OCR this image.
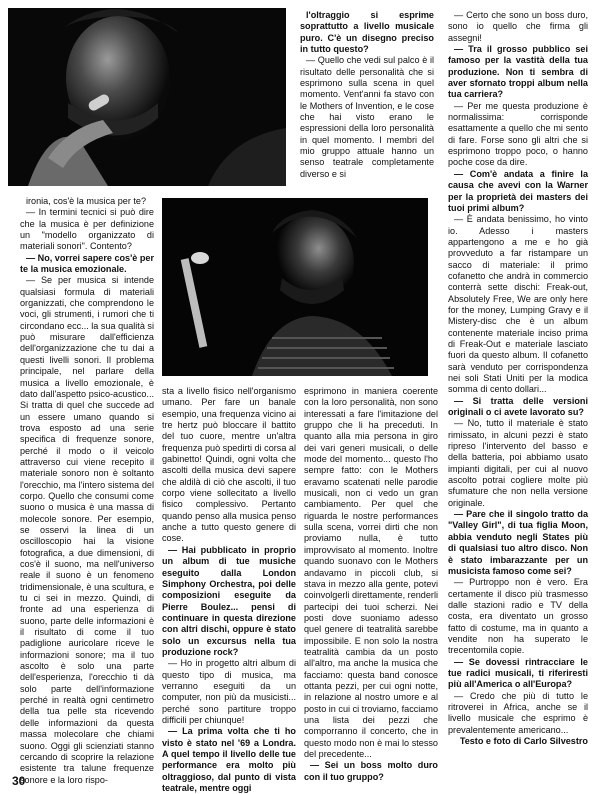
ironia, cos'è la musica per te?

— In termini tecnici si può dire che la musica è per definizione un "modello organizzato di materiali sonori". Contento?

— No, vorrei sapere cos'è per te la musica emozionale.

— Se per musica si intende qualsiasi formula di materiali organizzati, che comprendono le voci, gli strumenti, i rumori che ti circondano ecc... la sua qualità si può misurare dall'efficienza dell'organizzazione che tu dai a questi livelli sonori. Il problema principale, nel parlare della musica a livello emozionale, è dato dall'aspetto psico-acustico... Si tratta di quel che succede ad un essere umano quando si trova esposto ad una serie specifica di frequenze sonore, perché il modo o il veicolo attraverso cui viene recepito il materiale sonoro non è soltanto l'orecchio, ma l'intero sistema del corpo. Quello che consumi come suono o musica è una massa di molecole sonore. Per esempio, se osservi la linea di un oscilloscopio hai la visione fotografica, a due dimensioni, di cos'è il suono, ma nell'universo reale il suono è un fenomeno tridimensionale, è una scultura, e tu ci sei in mezzo. Quindi, di fronte ad una esperienza di suono, parte delle informazioni è il risultato di come il tuo padiglione auricolare riceve le informazioni sonore; ma il tuo ascolto è solo una parte dell'esperienza, l'orecchio ti dà solo parte dell'informazione perché in realtà ogni centimetro della tua pelle sta ricevendo delle informazioni da questa massa molecolare che chiami suono. Oggi gli scienziati stanno cercando di scoprire la relazione esistente tra talune frequenze sonore e la loro rispo-

l'oltraggio si esprime soprattutto a livello musicale puro. C'è un disegno preciso in tutto questo?

— Quello che vedi sul palco è il risultato delle personalità che si esprimono sulla scena in quel momento. Vent'anni fa stavo con le Mothers of Invention, e le cose che hai visto erano le espressioni della loro personalità in quel momento. I membri del mio gruppo attuale hanno un senso teatrale completamente diverso e si

sta a livello fisico nell'organismo umano. Per fare un banale esempio, una frequenza vicino ai tre hertz può bloccare il battito del tuo cuore, mentre un'altra frequenza può spedirti di corsa al gabinetto! Quindi, ogni volta che ascolti della musica devi sapere che aldilà di ciò che ascolti, il tuo corpo viene sollecitato a livello fisico complessivo. Pertanto quando penso alla musica penso anche a tutto questo genere di cose.

— Hai pubblicato in proprio un album di tue musiche eseguito dalla London Simphony Orchestra, poi delle composizioni eseguite da Pierre Boulez... pensi di continuare in questa direzione con altri dischi, oppure è stato solo un excursus nella tua produzione rock?

— Ho in progetto altri album di questo tipo di musica, ma verranno eseguiti da un computer, non più da musicisti... perché sono partiture troppo difficili per chiunque!

— La prima volta che ti ho visto è stato nel '69 a Londra. A quel tempo il livello delle tue performance era molto più oltraggioso, dal punto di vista teatrale, mentre oggi

esprimono in maniera coerente con la loro personalità, non sono interessati a fare l'imitazione del gruppo che li ha preceduti. In quanto alla mia persona in giro dei vari generi musicali, o delle mode del momento... questo l'ho sempre fatto: con le Mothers eravamo scatenati nelle parodie musicali, non ci vedo un gran cambiamento. Per quel che riguarda le nostre performances sulla scena, vorrei dirti che non proviamo nulla, è tutto improvvisato al momento. Inoltre quando suonavo con le Mothers andavamo in piccoli club, si stava in mezzo alla gente, potevi coinvolgerli direttamente, renderli partecipi dei tuoi scherzi. Nei posti dove suoniamo adesso quel genere di teatralità sarebbe impossibile. E non solo la nostra teatralità cambia da un posto all'altro, ma anche la musica che facciamo: questa band conosce ottanta pezzi, per cui ogni notte, in relazione al nostro umore e al posto in cui ci troviamo, facciamo una lista dei pezzi che comporranno il concerto, che in questo modo non è mai lo stesso del precedente...

— Sei un boss molto duro con il tuo gruppo?

— Certo che sono un boss duro, sono io quello che firma gli assegni!

— Tra il grosso pubblico sei famoso per la vastità della tua produzione. Non ti sembra di aver sfornato troppi album nella tua carriera?

— Per me questa produzione è normalissima: corrisponde esattamente a quello che mi sento di fare. Forse sono gli altri che si esprimono troppo poco, o hanno poche cose da dire.

— Com'è andata a finire la causa che avevi con la Warner per la proprietà dei masters dei tuoi primi album?

— È andata benissimo, ho vinto io. Adesso i masters appartengono a me e ho già provveduto a far ristampare un sacco di materiale: il primo cofanetto che andrà in commercio conterrà sette dischi: Freak-out, Absolutely Free, We are only here for the money, Lumping Gravy e il Mistery-disc che è un album contenente materiale inciso prima di Freak-Out e materiale lasciato fuori da questo album. Il cofanetto sarà venduto per corrispondenza nei soli Stati Uniti per la modica somma di cento dollari...

— Si tratta delle versioni originali o ci avete lavorato su?

— No, tutto il materiale è stato rimissato, in alcuni pezzi è stato ripreso l'intervento del basso e della batteria, poi abbiamo usato impianti digitali, per cui al nuovo ascolto potrai cogliere molte più sfumature che non nella versione originale.

— Pare che il singolo tratto da "Valley Girl", di tua figlia Moon, abbia venduto negli States più di qualsiasi tuo altro disco. Non è stato imbarazzante per un musicista famoso come sei?

— Purtroppo non è vero. Era certamente il disco più trasmesso dalle stazioni radio e TV della costa, era diventato un grosso fatto di costume, ma in quanto a vendite non ha superato le trecentomila copie.

— Se dovessi rintracciare le tue radici musicali, ti riferiresti più all'America o all'Europa?

— Credo che più di tutto le ritroverei in Africa, anche se il livello musicale che esprimo è prevalentemente americano...

Testo e foto di Carlo Silvestro

30
